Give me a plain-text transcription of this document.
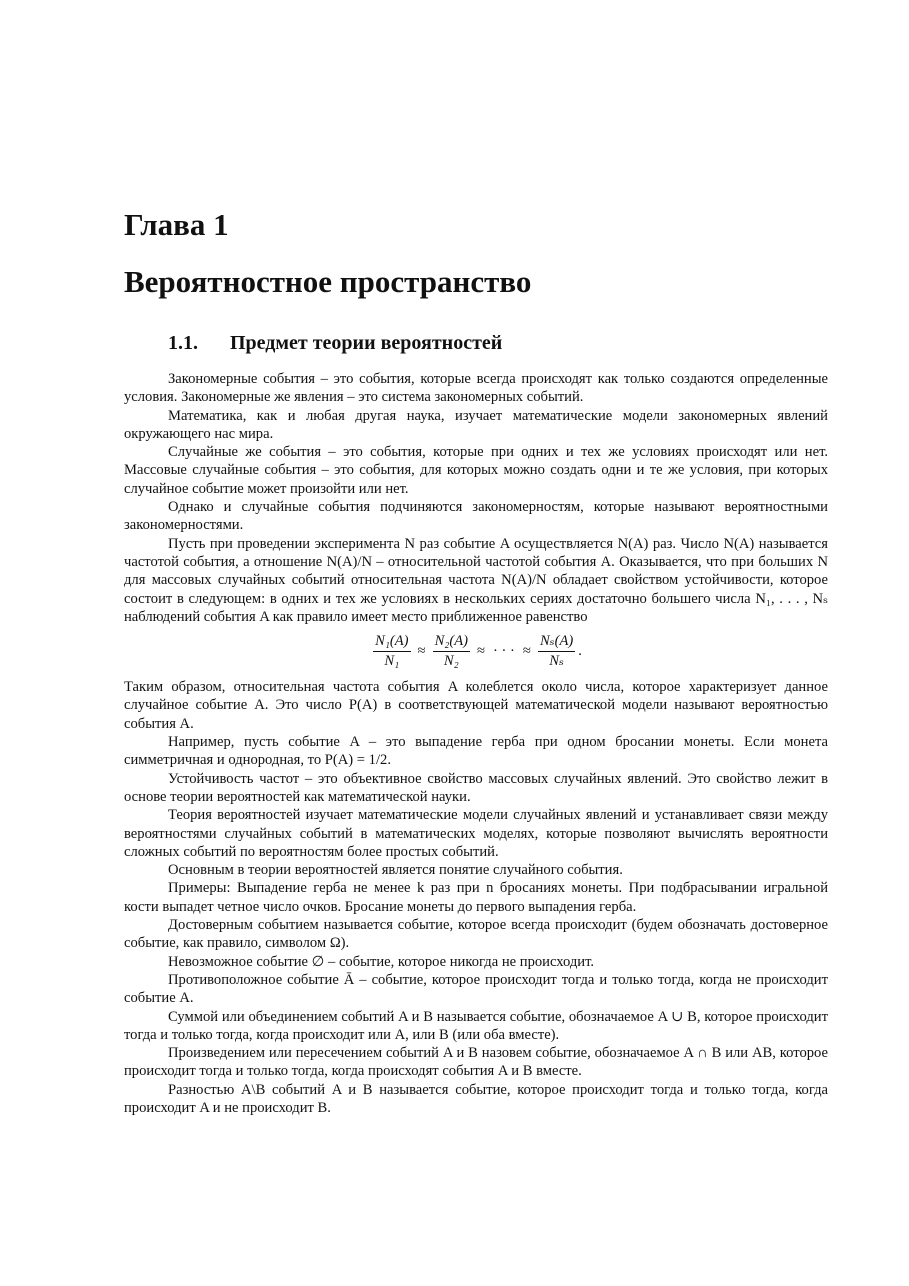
Глава 1
Вероятностное пространство
1.1. Предмет теории вероятностей

Закономерные события – это события, которые всегда происходят как только создаются определенные условия. Закономерные же явления – это система закономерных событий.

Математика, как и любая другая наука, изучает математические модели закономерных явлений окружающего нас мира.

Случайные же события – это события, которые при одних и тех же условиях происходят или нет. Массовые случайные события – это события, для которых можно создать одни и те же условия, при которых случайное событие может произойти или нет.

Однако и случайные события подчиняются закономерностям, которые называют вероятностными закономерностями.

Пусть при проведении эксперимента N раз событие A осуществляется N(A) раз. Число N(A) называется частотой события, а отношение N(A)/N – относительной частотой события A. Оказывается, что при больших N для массовых случайных событий относительная частота N(A)/N обладает свойством устойчивости, которое состоит в следующем: в одних и тех же условиях в нескольких сериях достаточно большего числа N₁, . . . , Nₛ наблюдений события A как правило имеет место приближенное равенство

$\frac{\text{N₁(A)}}{\text{N₁}} \approx \frac{\text{N₂(A)}}{\text{N₂}}$ ≈ · · · ≈ $\frac{\text{Nₛ(A)}}{\text{Nₛ}}$ .

Таким образом, относительная частота события A колеблется около числа, которое характеризует данное случайное событие A. Это число P(A) в соответствующей математической модели называют вероятностью события A.

Например, пусть событие A – это выпадение герба при одном бросании монеты. Если монета симметричная и однородная, то P(A) = 1/2.

Устойчивость частот – это объективное свойство массовых случайных явлений. Это свойство лежит в основе теории вероятностей как математической науки.

Теория вероятностей изучает математические модели случайных явлений и устанавливает связи между вероятностями случайных событий в математических моделях, которые позволяют вычислять вероятности сложных событий по вероятностям более простых событий.

Основным в теории вероятностей является понятие случайного события.

Примеры: Выпадение герба не менее k раз при n бросаниях монеты. При подбрасывании игральной кости выпадет четное число очков. Бросание монеты до первого выпадения герба.

Достоверным событием называется событие, которое всегда происходит (будем обозначать достоверное событие, как правило, символом Ω).

Невозможное событие ∅ – событие, которое никогда не происходит.

Противоположное событие Ā – событие, которое происходит тогда и только тогда, когда не происходит событие A.

Суммой или объединением событий A и B называется событие, обозначаемое A ∪ B, которое происходит тогда и только тогда, когда происходит или A, или B (или оба вместе).

Произведением или пересечением событий A и B назовем событие, обозначаемое A ∩ B или AB, которое происходит тогда и только тогда, когда происходят события A и B вместе.

Разностью A\B событий A и B называется событие, которое происходит тогда и только тогда, когда происходит A и не происходит B.
